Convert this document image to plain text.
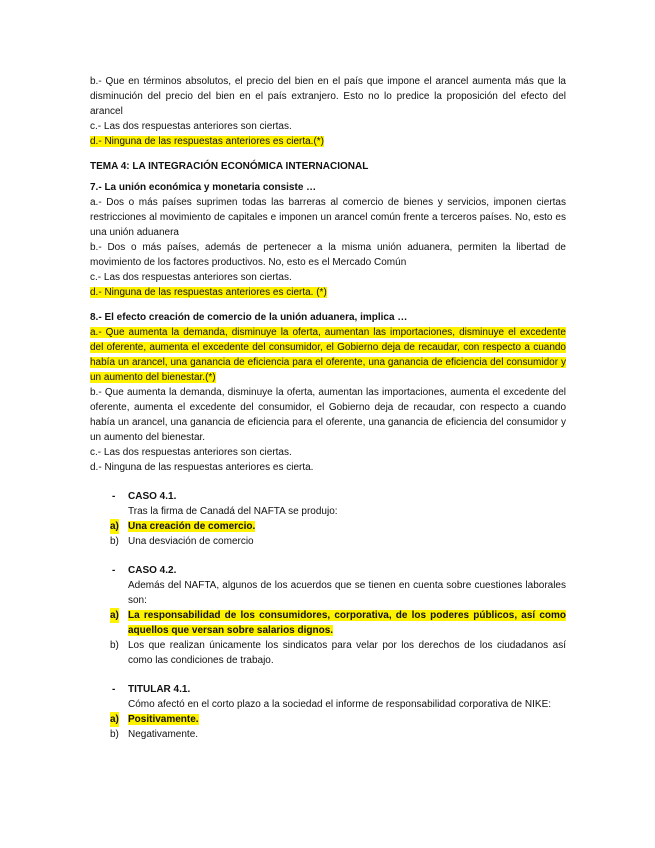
b.- Que en términos absolutos, el precio del bien en el país que impone el arancel aumenta más que la disminución del precio del bien en el país extranjero. Esto no lo predice la proposición del efecto del arancel

c.- Las dos respuestas anteriores son ciertas.

d.- Ninguna de las respuestas anteriores es cierta.(*)

TEMA 4: LA INTEGRACIÓN ECONÓMICA INTERNACIONAL

7.- La unión económica y monetaria consiste …

a.- Dos o más países suprimen todas las barreras al comercio de bienes y servicios, imponen ciertas restricciones al movimiento de capitales e imponen un arancel común frente a terceros países. No, esto es una unión aduanera

b.- Dos o más países, además de pertenecer a la misma unión aduanera, permiten la libertad de movimiento de los factores productivos. No, esto es el Mercado Común

c.- Las dos respuestas anteriores son ciertas.

d.- Ninguna de las respuestas anteriores es cierta. (*)

8.- El efecto creación de comercio de la unión aduanera, implica …

a.- Que aumenta la demanda, disminuye la oferta, aumentan las importaciones, disminuye el excedente del oferente, aumenta el excedente del consumidor, el Gobierno deja de recaudar, con respecto a cuando había un arancel, una ganancia de eficiencia para el oferente, una ganancia de eficiencia del consumidor y un aumento del bienestar.(*)

b.- Que aumenta la demanda, disminuye la oferta, aumentan las importaciones, aumenta el excedente del oferente, aumenta el excedente del consumidor, el Gobierno deja de recaudar, con respecto a cuando había un arancel, una ganancia de eficiencia para el oferente, una ganancia de eficiencia del consumidor y un aumento del bienestar.

c.- Las dos respuestas anteriores son ciertas.

d.- Ninguna de las respuestas anteriores es cierta.

- CASO 4.1.
Tras la firma de Canadá del NAFTA se produjo:
a) Una creación de comercio.
b) Una desviación de comercio
- CASO 4.2.
Además del NAFTA, algunos de los acuerdos que se tienen en cuenta sobre cuestiones laborales son:
a) La responsabilidad de los consumidores, corporativa, de los poderes públicos, así como aquellos que versan sobre salarios dignos.
b) Los que realizan únicamente los sindicatos para velar por los derechos de los ciudadanos así como las condiciones de trabajo.
- TITULAR 4.1.
Cómo afectó en el corto plazo a la sociedad el informe de responsabilidad corporativa de NIKE:
a) Positivamente.
b) Negativamente.
